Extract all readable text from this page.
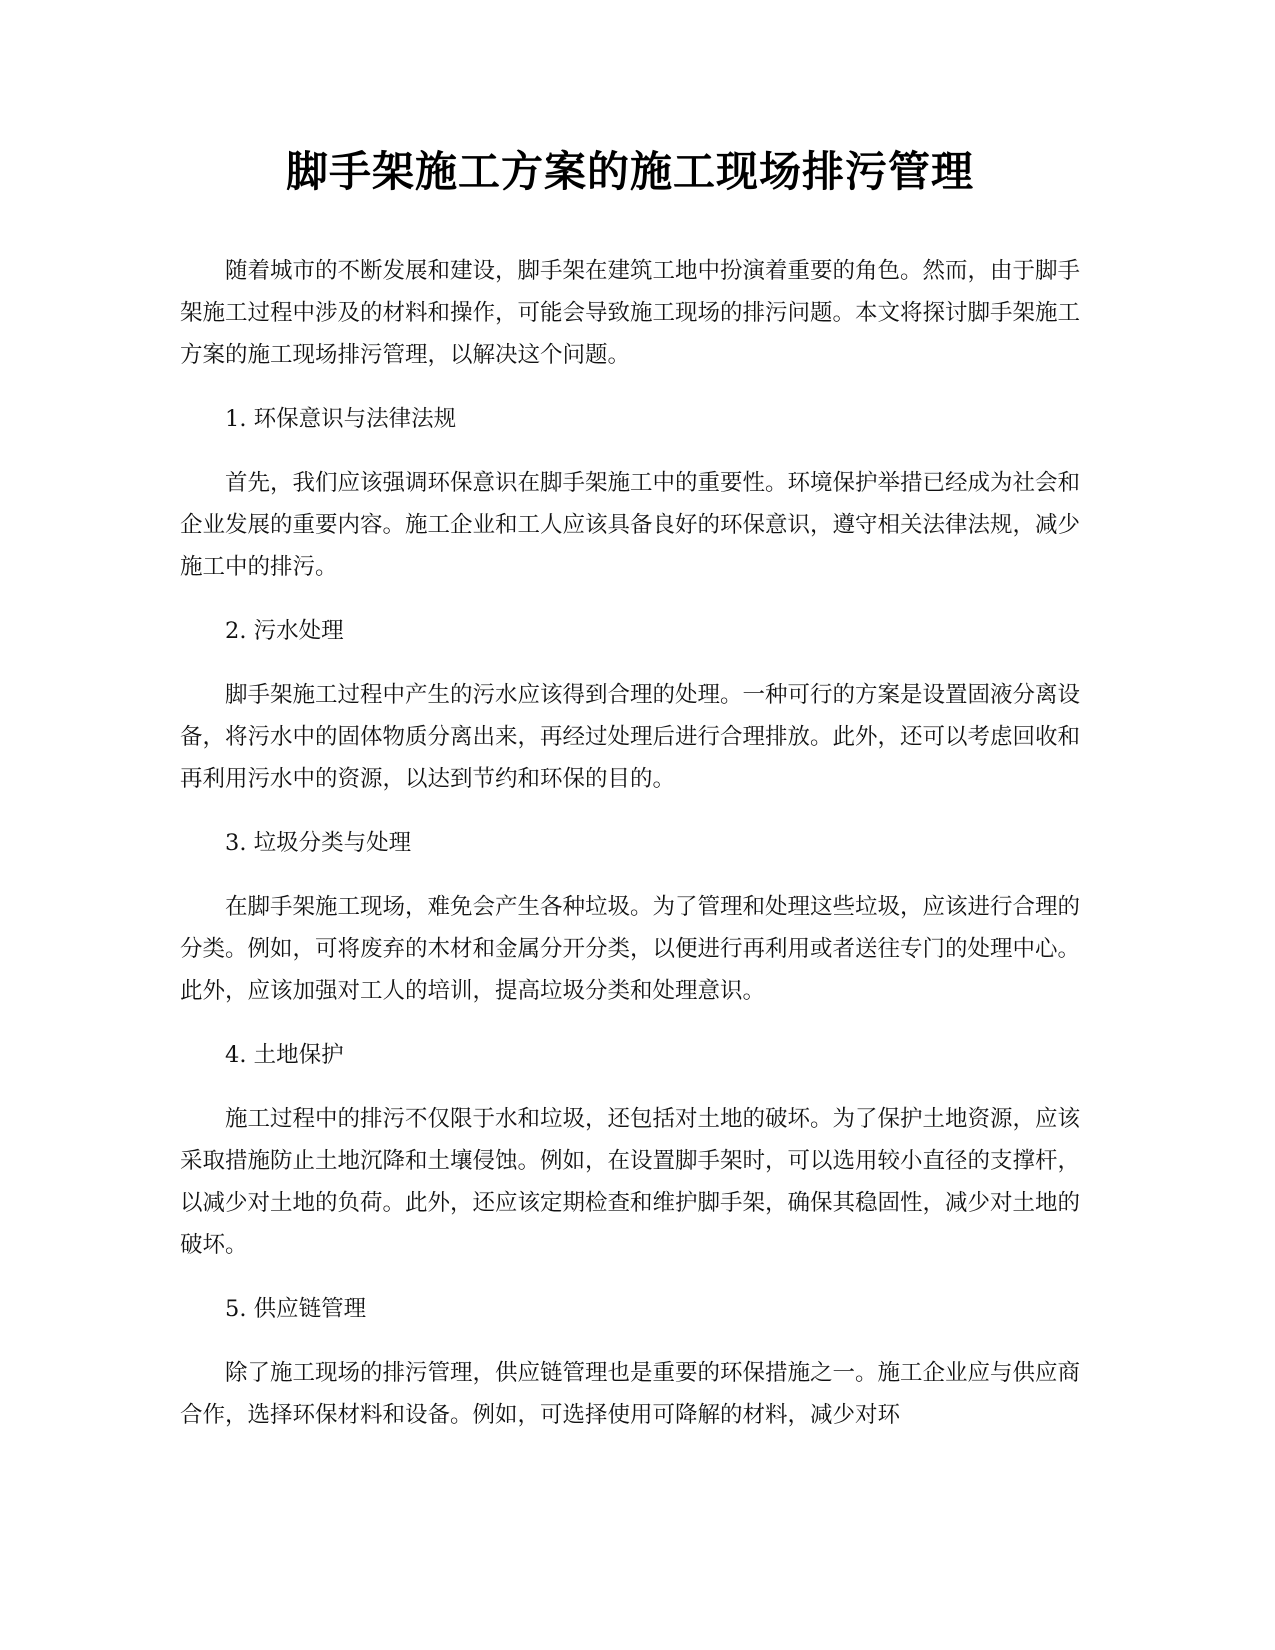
脚手架施工方案的施工现场排污管理

随着城市的不断发展和建设，脚手架在建筑工地中扮演着重要的角色。然而，由于脚手架施工过程中涉及的材料和操作，可能会导致施工现场的排污问题。本文将探讨脚手架施工方案的施工现场排污管理，以解决这个问题。

1. 环保意识与法律法规

首先，我们应该强调环保意识在脚手架施工中的重要性。环境保护举措已经成为社会和企业发展的重要内容。施工企业和工人应该具备良好的环保意识，遵守相关法律法规，减少施工中的排污。

2. 污水处理

脚手架施工过程中产生的污水应该得到合理的处理。一种可行的方案是设置固液分离设备，将污水中的固体物质分离出来，再经过处理后进行合理排放。此外，还可以考虑回收和再利用污水中的资源，以达到节约和环保的目的。

3. 垃圾分类与处理

在脚手架施工现场，难免会产生各种垃圾。为了管理和处理这些垃圾，应该进行合理的分类。例如，可将废弃的木材和金属分开分类，以便进行再利用或者送往专门的处理中心。此外，应该加强对工人的培训，提高垃圾分类和处理意识。

4. 土地保护

施工过程中的排污不仅限于水和垃圾，还包括对土地的破坏。为了保护土地资源，应该采取措施防止土地沉降和土壤侵蚀。例如，在设置脚手架时，可以选用较小直径的支撑杆，以减少对土地的负荷。此外，还应该定期检查和维护脚手架，确保其稳固性，减少对土地的破坏。

5. 供应链管理

除了施工现场的排污管理，供应链管理也是重要的环保措施之一。施工企业应与供应商合作，选择环保材料和设备。例如，可选择使用可降解的材料，减少对环
